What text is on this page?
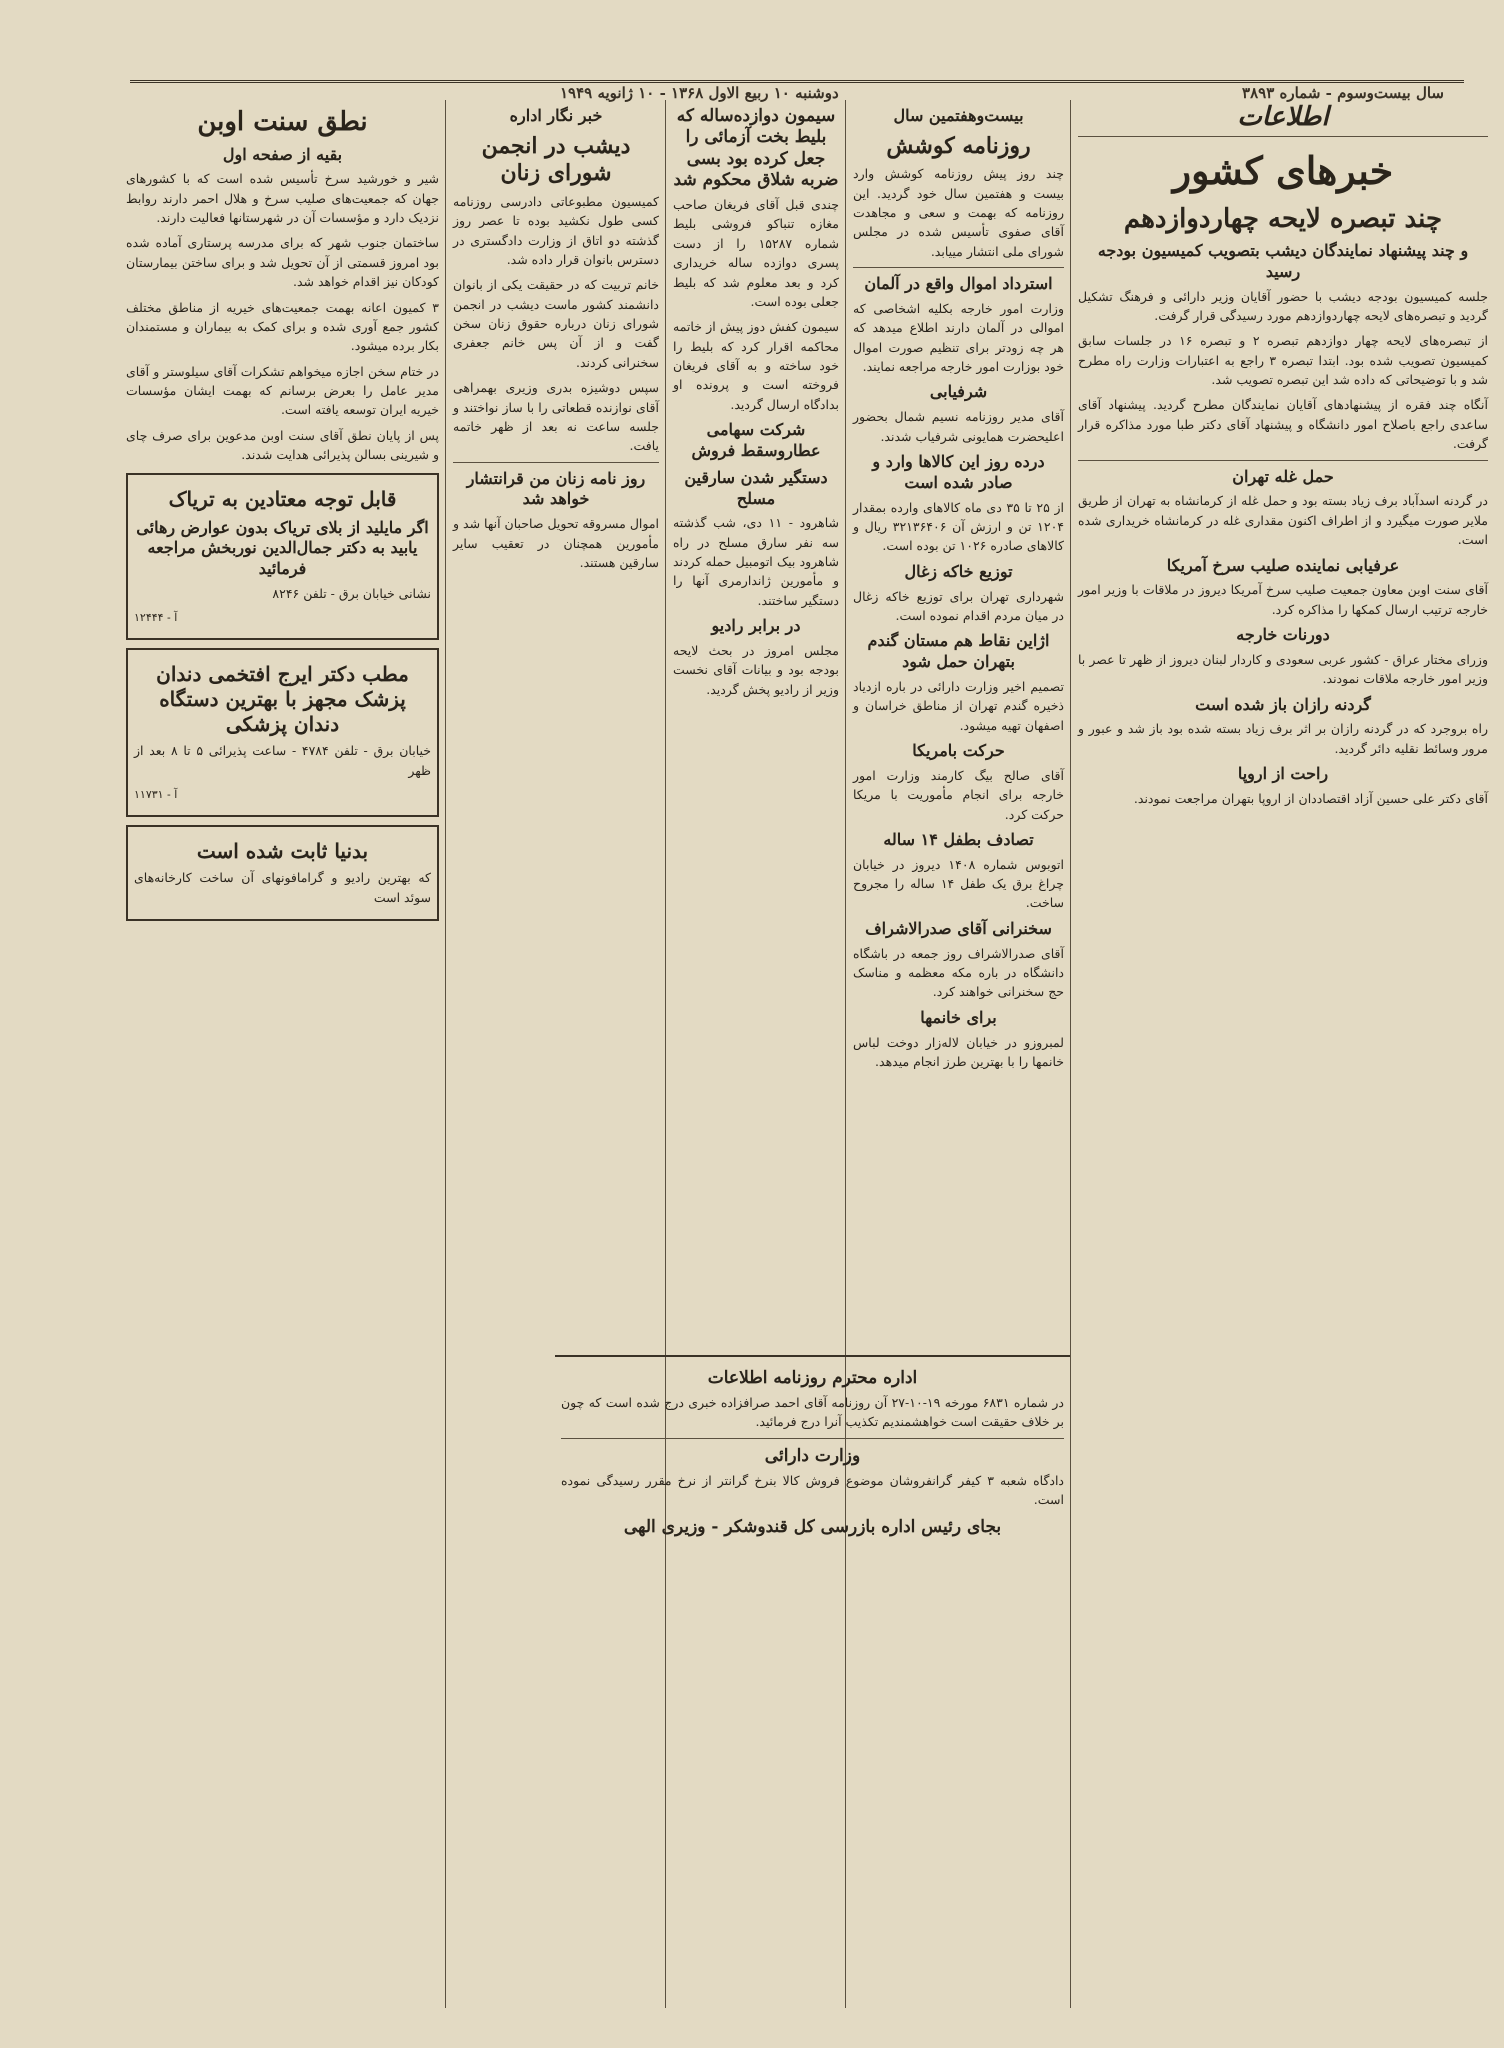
سال بیست‌وسوم - شماره ۳۸۹۳
دوشنبه ۱۰ ربیع الاول ۱۳۶۸ - ۱۰ ژانویه ۱۹۴۹
اطلاعات
خبرهای کشور
چند تبصره لایحه چهاردوازدهم
و چند پیشنهاد نمایندگان دیشب بتصویب کمیسیون بودجه رسید

جلسه کمیسیون بودجه دیشب با حضور آقایان وزیر دارائی و فرهنگ تشکیل گردید و تبصره‌های لایحه چهاردوازدهم مورد رسیدگی قرار گرفت.

از تبصره‌های لایحه چهار دوازدهم تبصره ۲ و تبصره ۱۶ در جلسات سابق کمیسیون تصویب شده بود. ابتدا تبصره ۳ راجع به اعتبارات وزارت راه مطرح شد و با توضیحاتی که داده شد این تبصره تصویب شد.

آنگاه چند فقره از پیشنهادهای آقایان نمایندگان مطرح گردید. پیشنهاد آقای ساعدی راجع باصلاح امور دانشگاه و پیشنهاد آقای دکتر طبا مورد مذاکره قرار گرفت.

حمل غله تهران

در گردنه اسدآباد برف زیاد بسته بود و حمل غله از کرمانشاه به تهران از طریق ملایر صورت میگیرد و از اطراف اکنون مقداری غله در کرمانشاه خریداری شده است.

عرفیابی نماینده صلیب سرخ آمریکا

آقای سنت اوبن معاون جمعیت صلیب سرخ آمریکا دیروز در ملاقات با وزیر امور خارجه ترتیب ارسال کمکها را مذاکره کرد.

دورنات خارجه

وزرای مختار عراق - کشور عربی سعودی و کاردار لبنان دیروز از ظهر تا عصر با وزیر امور خارجه ملاقات نمودند.

گردنه رازان باز شده است

راه بروجرد که در گردنه رازان بر اثر برف زیاد بسته شده بود باز شد و عبور و مرور وسائط نقلیه دائر گردید.

راحت از اروپا

آقای دکتر علی حسین آزاد اقتصاددان از اروپا بتهران مراجعت نمودند.

بیست‌وهفتمین سال
روزنامه کوشش

چند روز پیش روزنامه کوشش وارد بیست و هفتمین سال خود گردید. این روزنامه که بهمت و سعی و مجاهدت آقای صفوی تأسیس شده در مجلس شورای ملی انتشار مییابد.

استرداد اموال واقع در آلمان

وزارت امور خارجه بکلیه اشخاصی که اموالی در آلمان دارند اطلاع میدهد که هر چه زودتر برای تنظیم صورت اموال خود بوزارت امور خارجه مراجعه نمایند.

شرفیابی

آقای مدیر روزنامه نسیم شمال بحضور اعلیحضرت همایونی شرفیاب شدند.

درده روز این کالاها وارد و صادر شده است

از ۲۵ تا ۳۵ دی ماه کالاهای وارده بمقدار ۱۲۰۴ تن و ارزش آن ۳۲۱۳۶۴۰۶ ریال و کالاهای صادره ۱۰۲۶ تن بوده است.

توزیع خاکه زغال

شهرداری تهران برای توزیع خاکه زغال در میان مردم اقدام نموده است.

اژاین نقاط هم مستان گندم بتهران حمل شود

تصمیم اخیر وزارت دارائی در باره ازدیاد ذخیره گندم تهران از مناطق خراسان و اصفهان تهیه میشود.

حرکت بامریکا

آقای صالح بیگ کارمند وزارت امور خارجه برای انجام مأموریت با مریکا حرکت کرد.

تصادف بطفل ۱۴ ساله

اتوبوس شماره ۱۴۰۸ دیروز در خیابان چراغ برق یک طفل ۱۴ ساله را مجروح ساخت.

سخنرانی آقای صدرالاشراف

آقای صدرالاشراف روز جمعه در باشگاه دانشگاه در باره مکه معظمه و مناسک حج سخنرانی خواهند کرد.

برای خانمها

لمبروزو در خیابان لاله‌زار دوخت لباس خانمها را با بهترین طرز انجام میدهد.

سیمون دوازده‌ساله که بلیط بخت آزمائی را جعل کرده بود بسی ضربه شلاق محکوم شد

چندی قبل آقای فریغان صاحب مغازه تنباکو فروشی بلیط شماره ۱۵۲۸۷ را از دست پسری دوازده ساله خریداری کرد و بعد معلوم شد که بلیط جعلی بوده است.

سیمون کفش دوز پیش از خاتمه محاکمه اقرار کرد که بلیط را خود ساخته و به آقای فریغان فروخته است و پرونده او بدادگاه ارسال گردید.

شرکت سهامی عطاروسقط فروش
دستگیر شدن سارقین مسلح

شاهرود - ۱۱ دی، شب گذشته سه نفر سارق مسلح در راه شاهرود بیک اتومبیل حمله کردند و مأمورین ژاندارمری آنها را دستگیر ساختند.

در برابر رادیو

مجلس امروز در بحث لایحه بودجه بود و بیانات آقای نخست وزیر از رادیو پخش گردید.

خبر نگار اداره
دیشب در انجمن شورای زنان

کمیسیون مطبوعاتی دادرسی روزنامه کسی طول نکشید بوده تا عصر روز گذشته دو اتاق از وزارت دادگستری در دسترس بانوان قرار داده شد.

خانم تربیت که در حقیقت یکی از بانوان دانشمند کشور ماست دیشب در انجمن شورای زنان درباره حقوق زنان سخن گفت و از آن پس خانم جعفری سخنرانی کردند.

سپس دوشیزه بدری وزیری بهمراهی آقای نوازنده قطعاتی را با ساز نواختند و جلسه ساعت نه بعد از ظهر خاتمه یافت.

روز نامه زنان من قرانتشار خواهد شد

اموال مسروقه تحویل صاحبان آنها شد و مأمورین همچنان در تعقیب سایر سارقین هستند.

اداره محترم روزنامه اطلاعات

در شماره ۶۸۳۱ مورخه ۱۹-۱۰-۲۷ آن روزنامه آقای احمد صرافزاده خبری درج شده است که چون بر خلاف حقیقت است خواهشمندیم تکذیب آنرا درج فرمائید.

وزارت دارائی

دادگاه شعبه ۳ کیفر گرانفروشان موضوع فروش کالا بنرخ گرانتر از نرخ مقرر رسیدگی نموده است.

بجای رئیس اداره بازرسی کل قندوشکر - وزیری الهی
نطق سنت اوبن
بقیه از صفحه اول

شیر و خورشید سرخ تأسیس شده است که با کشورهای جهان که جمعیت‌های صلیب سرخ و هلال احمر دارند روابط نزدیک دارد و مؤسسات آن در شهرستانها فعالیت دارند.

ساختمان جنوب شهر که برای مدرسه پرستاری آماده شده بود امروز قسمتی از آن تحویل شد و برای ساختن بیمارستان کودکان نیز اقدام خواهد شد.

۳ کمیون اعانه بهمت جمعیت‌های خیریه از مناطق مختلف کشور جمع آوری شده و برای کمک به بیماران و مستمندان بکار برده میشود.

در ختام سخن اجازه میخواهم تشکرات آقای سیلوستر و آقای مدیر عامل را بعرض برسانم که بهمت ایشان مؤسسات خیریه ایران توسعه یافته است.

پس از پایان نطق آقای سنت اوبن مدعوین برای صرف چای و شیرینی بسالن پذیرائی هدایت شدند.

قابل توجه معتادین به تریاک
اگر مایلید از بلای تریاک بدون عوارض رهائی یابید به دکتر جمال‌الدین نوربخش مراجعه فرمائید

نشانی خیابان برق - تلفن ۸۲۴۶

آ - ۱۲۴۴۴

مطب دکتر ایرج افتخمی دندان پزشک مجهز با بهترین دستگاه دندان پزشکی

خیابان برق - تلفن ۴۷۸۴ - ساعت پذیرائی ۵ تا ۸ بعد از ظهر

آ - ۱۱۷۳۱

بدنیا ثابت شده است

که بهترین رادیو و گرامافونهای آن ساخت کارخانه‌های سوئد است
